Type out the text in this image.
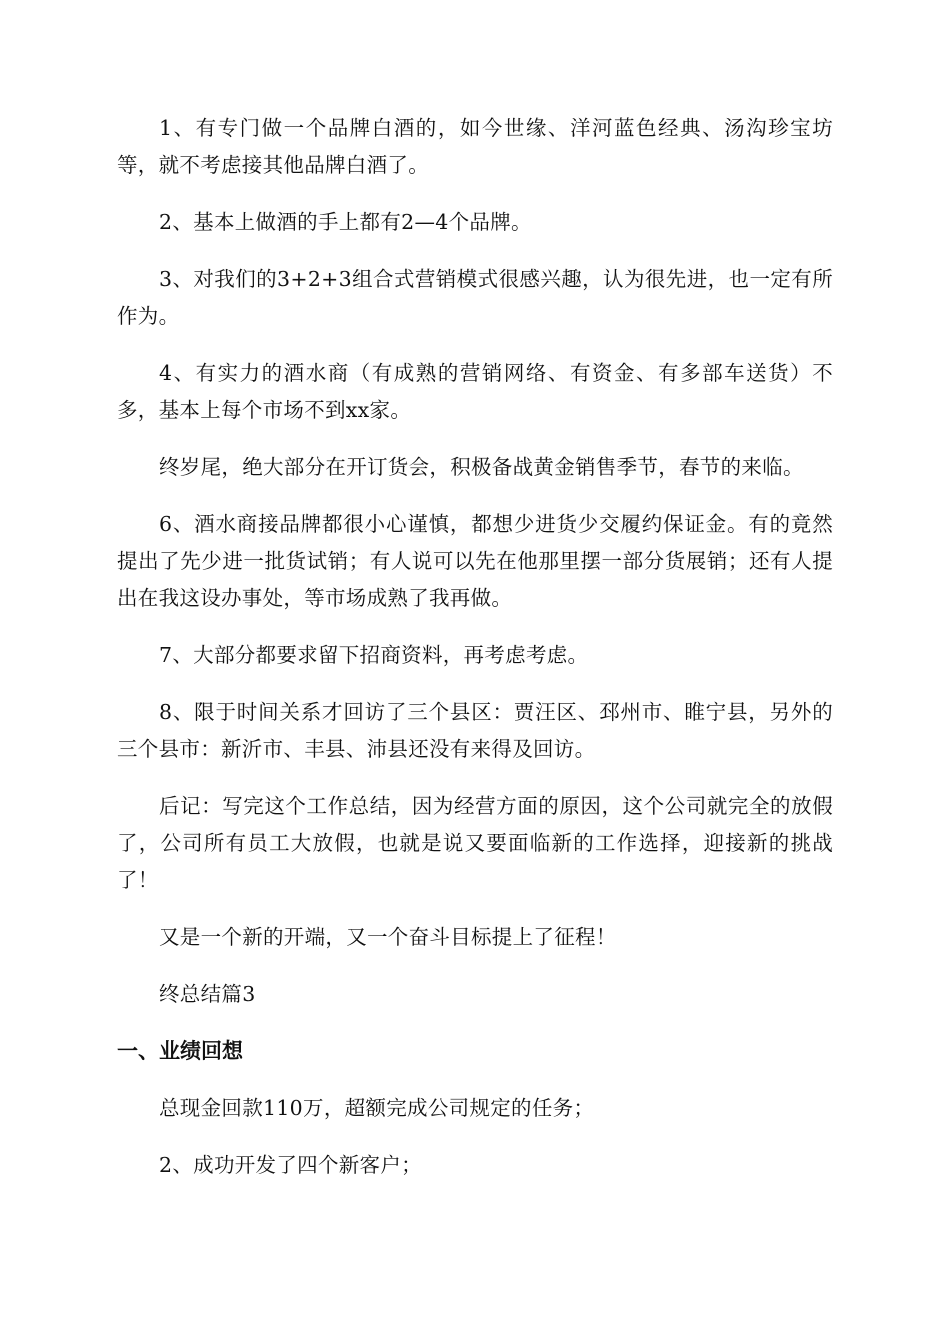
1、有专门做一个品牌白酒的，如今世缘、洋河蓝色经典、汤沟珍宝坊等，就不考虑接其他品牌白酒了。

2、基本上做酒的手上都有2—4个品牌。

3、对我们的3+2+3组合式营销模式很感兴趣，认为很先进，也一定有所作为。

4、有实力的酒水商（有成熟的营销网络、有资金、有多部车送货）不多，基本上每个市场不到xx家。

终岁尾，绝大部分在开订货会，积极备战黄金销售季节，春节的来临。

6、酒水商接品牌都很小心谨慎，都想少进货少交履约保证金。有的竟然提出了先少进一批货试销；有人说可以先在他那里摆一部分货展销；还有人提出在我这设办事处，等市场成熟了我再做。

7、大部分都要求留下招商资料，再考虑考虑。

8、限于时间关系才回访了三个县区：贾汪区、邳州市、睢宁县，另外的三个县市：新沂市、丰县、沛县还没有来得及回访。

后记：写完这个工作总结，因为经营方面的原因，这个公司就完全的放假了，公司所有员工大放假，也就是说又要面临新的工作选择，迎接新的挑战了！

又是一个新的开端，又一个奋斗目标提上了征程！

终总结篇3

一、业绩回想

总现金回款110万，超额完成公司规定的任务；

2、成功开发了四个新客户；
